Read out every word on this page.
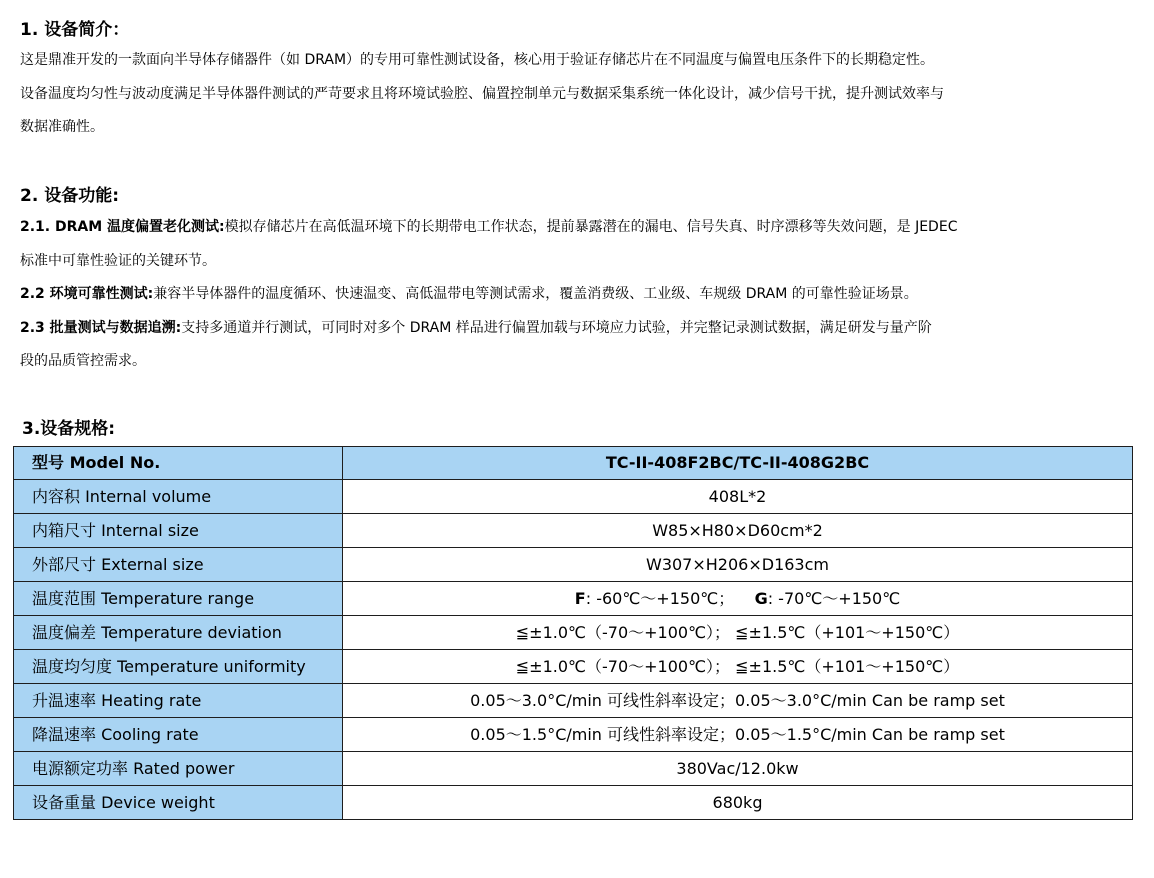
1. 设备简介：
这是鼎准开发的一款面向半导体存储器件（如 DRAM）的专用可靠性测试设备，核心用于验证存储芯片在不同温度与偏置电压条件下的长期稳定性。
设备温度均匀性与波动度满足半导体器件测试的严苛要求且将环境试验腔、偏置控制单元与数据采集系统一体化设计，减少信号干扰，提升测试效率与
数据准确性。
2. 设备功能:
2.1. DRAM 温度偏置老化测试:模拟存储芯片在高低温环境下的长期带电工作状态，提前暴露潜在的漏电、信号失真、时序漂移等失效问题，是 JEDEC
标准中可靠性验证的关键环节。
2.2 环境可靠性测试:兼容半导体器件的温度循环、快速温变、高低温带电等测试需求，覆盖消费级、工业级、车规级 DRAM 的可靠性验证场景。
2.3 批量测试与数据追溯:支持多通道并行测试，可同时对多个 DRAM 样品进行偏置加载与环境应力试验，并完整记录测试数据，满足研发与量产阶
段的品质管控需求。
3.设备规格:
型号 Model No.	TC-II-408F2BC/TC-II-408G2BC
内容积 Internal volume	408L*2
内箱尺寸 Internal size	W85×H80×D60cm*2
外部尺寸 External size	W307×H206×D163cm
温度范围 Temperature range	F: -60℃～+150℃； G: -70℃～+150℃
温度偏差 Temperature deviation	≦±1.0℃（-70～+100℃）； ≦±1.5℃（+101～+150℃）
温度均匀度 Temperature uniformity	≦±1.0℃（-70～+100℃）； ≦±1.5℃（+101～+150℃）
升温速率 Heating rate	0.05～3.0°C/min 可线性斜率设定；0.05～3.0°C/min Can be ramp set
降温速率 Cooling rate	0.05～1.5°C/min 可线性斜率设定；0.05～1.5°C/min Can be ramp set
电源额定功率 Rated power	380Vac/12.0kw
设备重量 Device weight	680kg
